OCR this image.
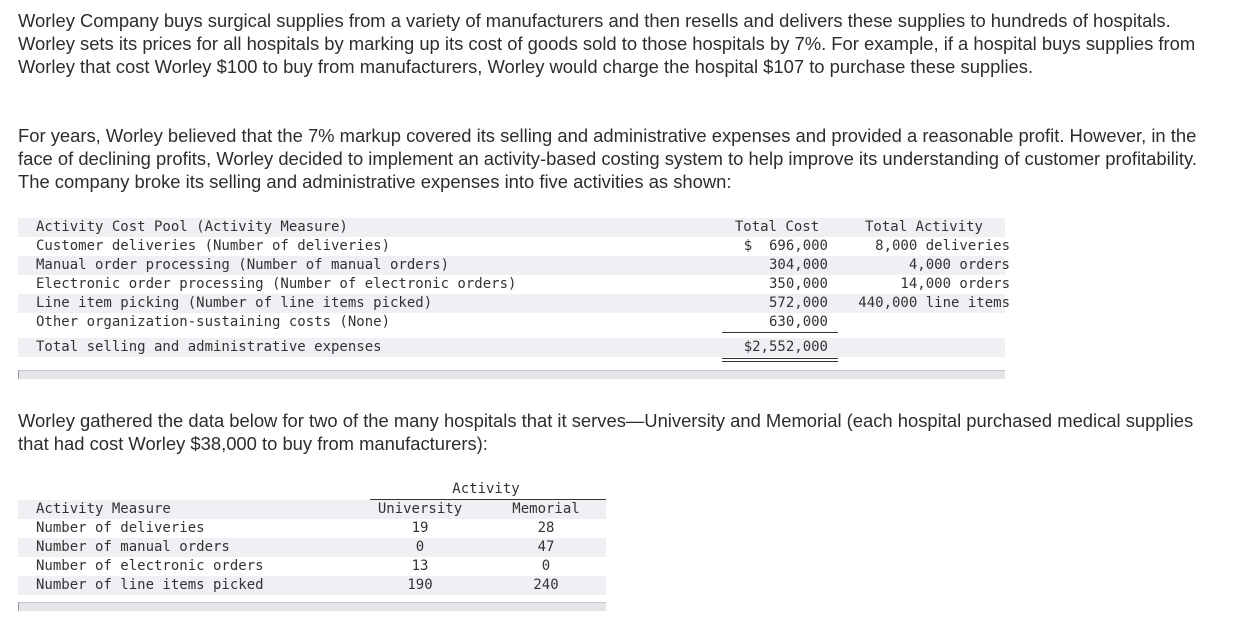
Worley Company buys surgical supplies from a variety of manufacturers and then resells and delivers these supplies to hundreds of hospitals. Worley sets its prices for all hospitals by marking up its cost of goods sold to those hospitals by 7%. For example, if a hospital buys supplies from Worley that cost Worley $100 to buy from manufacturers, Worley would charge the hospital $107 to purchase these supplies.

For years, Worley believed that the 7% markup covered its selling and administrative expenses and provided a reasonable profit. However, in the face of declining profits, Worley decided to implement an activity-based costing system to help improve its understanding of customer profitability. The company broke its selling and administrative expenses into five activities as shown:

Activity Cost Pool (Activity Measure)	Total Cost	Total Activity
Customer deliveries (Number of deliveries)	$  696,000	8,000 deliveries
Manual order processing (Number of manual orders)	304,000	4,000 orders
Electronic order processing (Number of electronic orders)	350,000	14,000 orders
Line item picking (Number of line items picked)	572,000	440,000 line items
Other organization-sustaining costs (None)	630,000
Total selling and administrative expenses	$2,552,000

Worley gathered the data below for two of the many hospitals that it serves—University and Memorial (each hospital purchased medical supplies that had cost Worley $38,000 to buy from manufacturers):

Activity
Activity Measure	University	Memorial
Number of deliveries	19	28
Number of manual orders	0	47
Number of electronic orders	13	0
Number of line items picked	190	240
